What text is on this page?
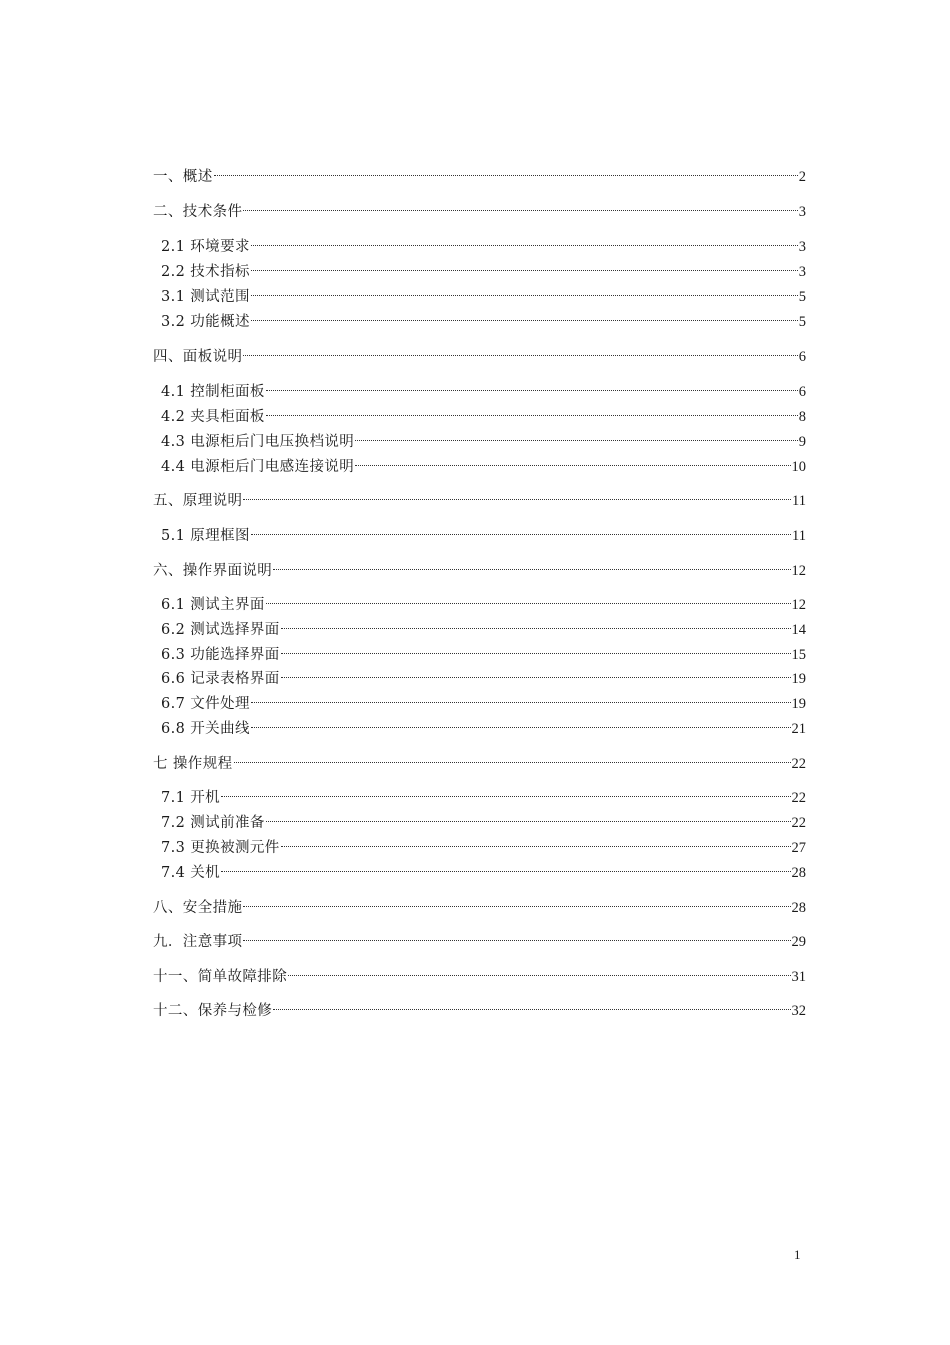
一、概述	2
二、技术条件	3
2.1 环境要求	3
2.2 技术指标	3
3.1 测试范围	5
3.2 功能概述	5
四、面板说明	6
4.1 控制柜面板	6
4.2 夹具柜面板	8
4.3 电源柜后门电压换档说明	9
4.4 电源柜后门电感连接说明	10
五、原理说明	11
5.1 原理框图	11
六、操作界面说明	12
6.1 测试主界面	12
6.2 测试选择界面	14
6.3 功能选择界面	15
6.6 记录表格界面	19
6.7 文件处理	19
6.8 开关曲线	21
七 操作规程	22
7.1 开机	22
7.2 测试前准备	22
7.3 更换被测元件	27
7.4 关机	28
八、安全措施	28
九．注意事项	29
十一、简单故障排除	31
十二、保养与检修	32
1
